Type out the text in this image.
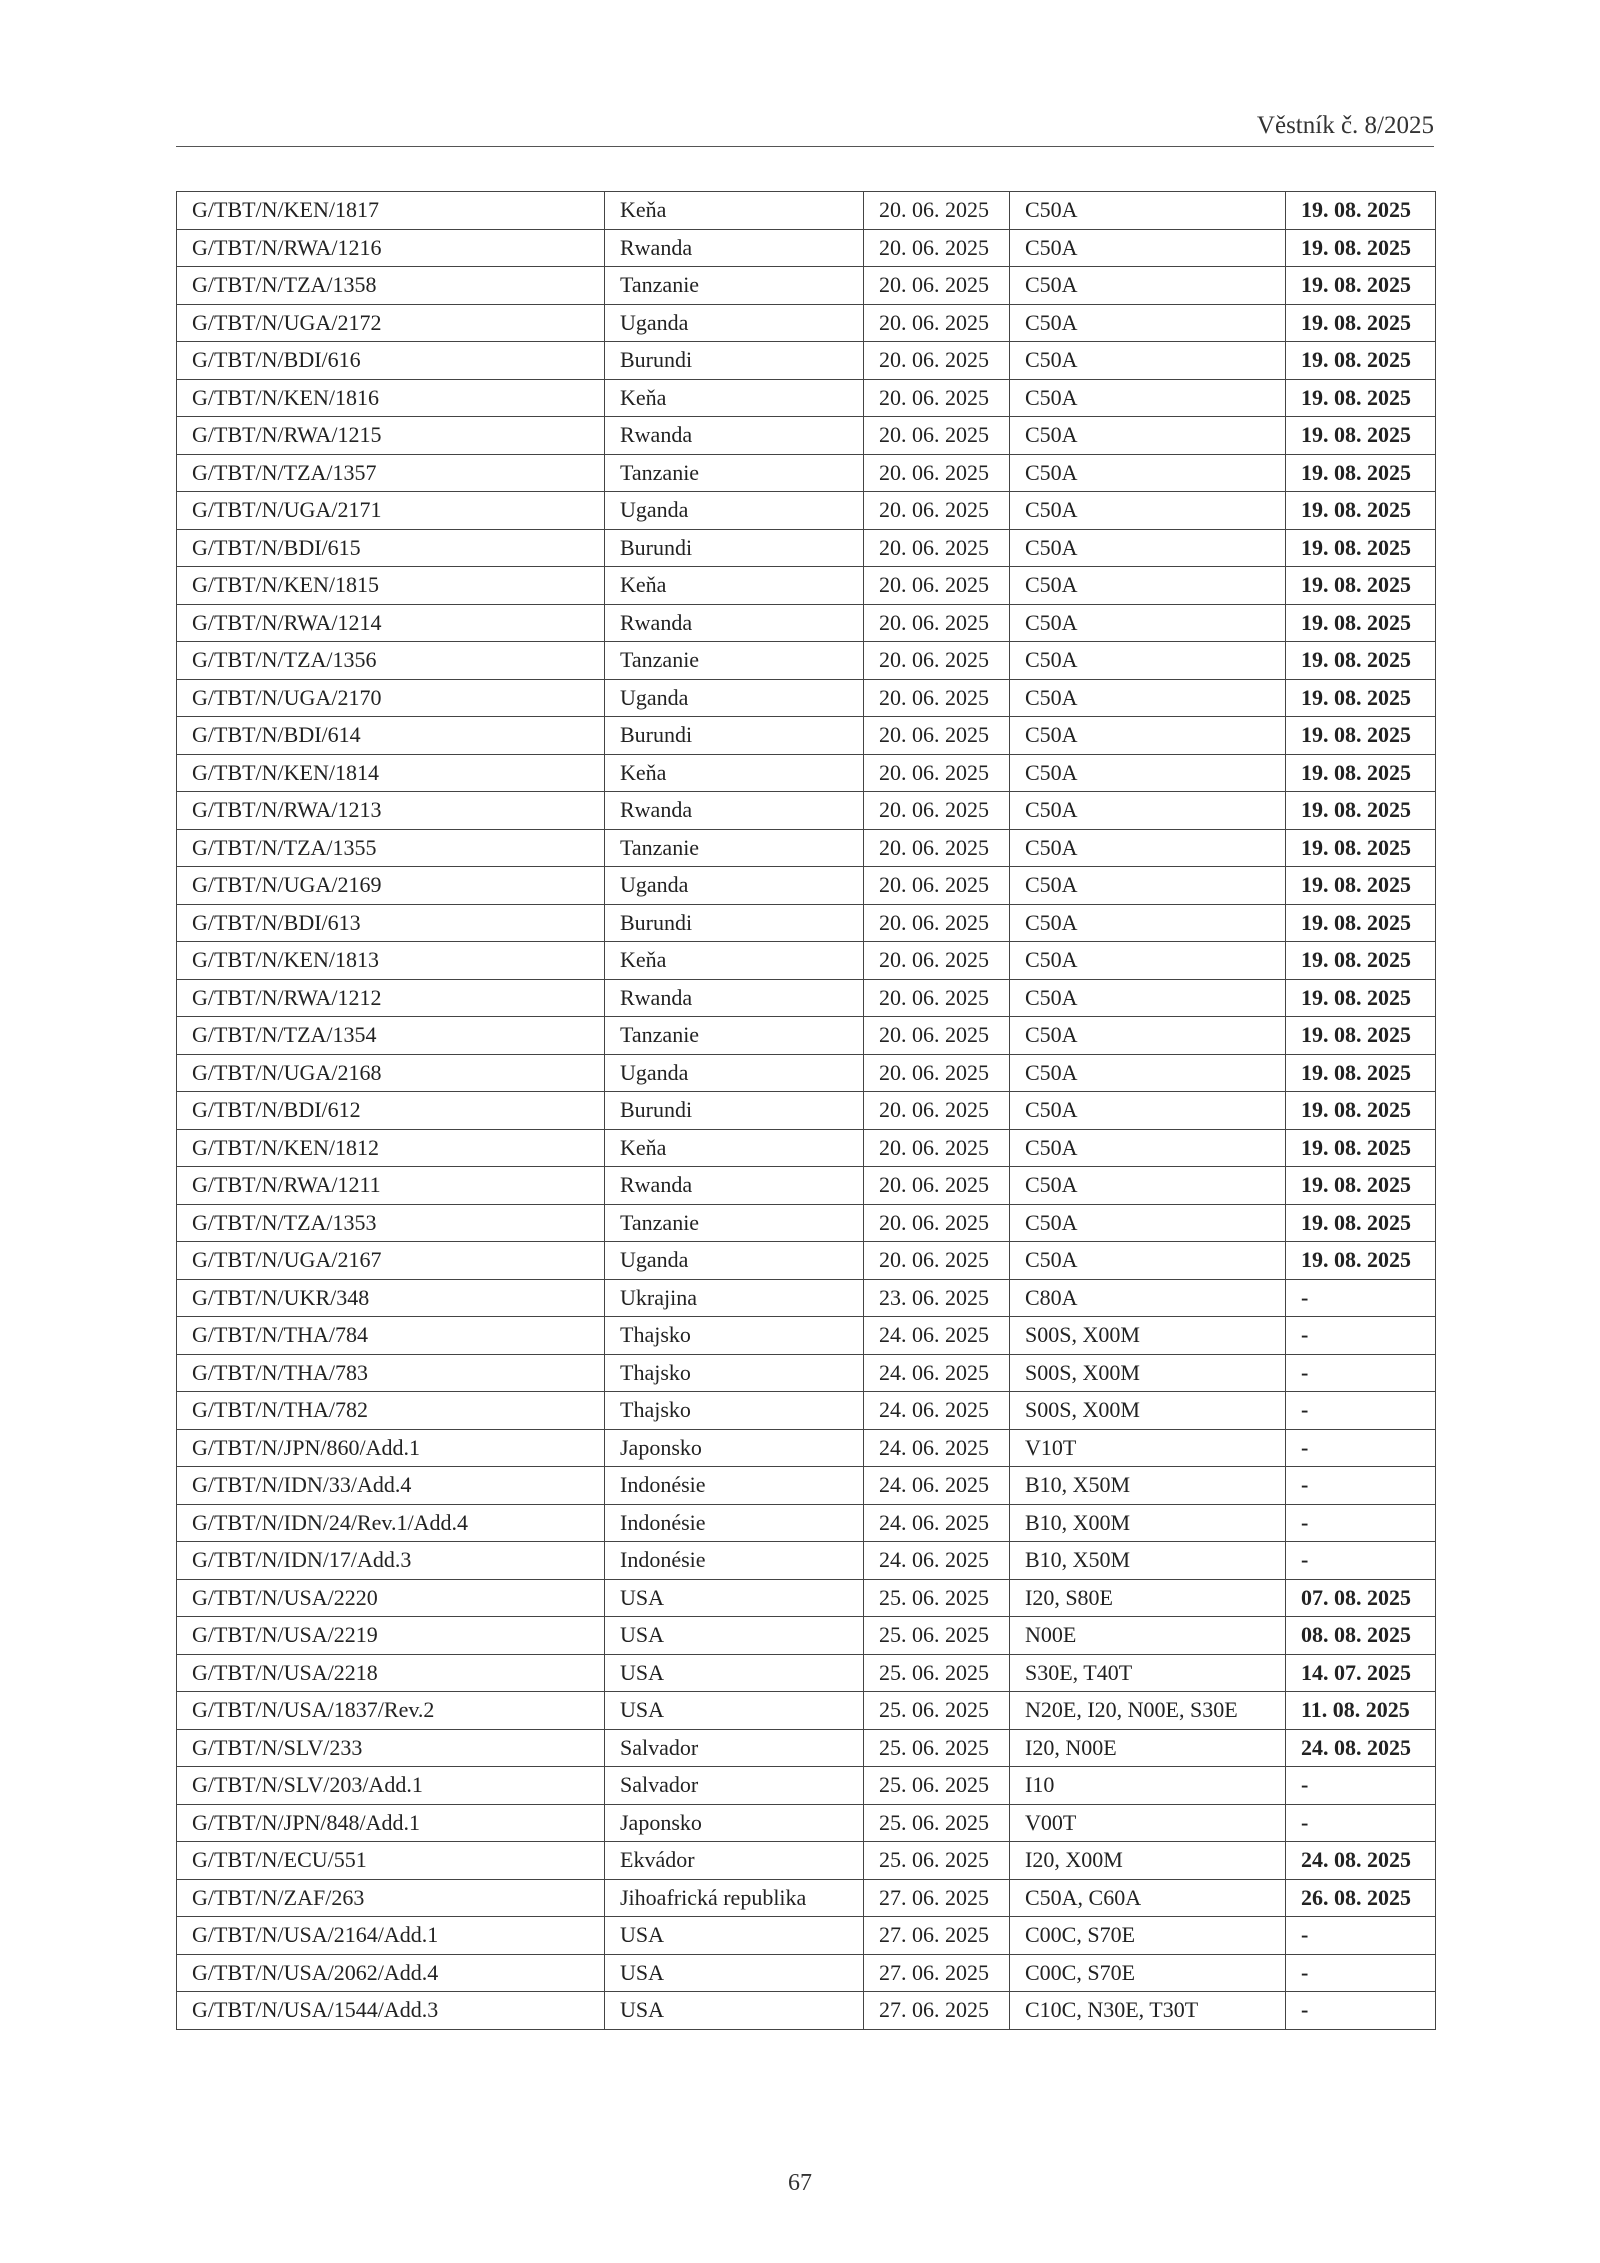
Věstník č. 8/2025
G/TBT/N/KEN/1817	Keňa	20. 06. 2025	C50A	19. 08. 2025
G/TBT/N/RWA/1216	Rwanda	20. 06. 2025	C50A	19. 08. 2025
G/TBT/N/TZA/1358	Tanzanie	20. 06. 2025	C50A	19. 08. 2025
G/TBT/N/UGA/2172	Uganda	20. 06. 2025	C50A	19. 08. 2025
G/TBT/N/BDI/616	Burundi	20. 06. 2025	C50A	19. 08. 2025
G/TBT/N/KEN/1816	Keňa	20. 06. 2025	C50A	19. 08. 2025
G/TBT/N/RWA/1215	Rwanda	20. 06. 2025	C50A	19. 08. 2025
G/TBT/N/TZA/1357	Tanzanie	20. 06. 2025	C50A	19. 08. 2025
G/TBT/N/UGA/2171	Uganda	20. 06. 2025	C50A	19. 08. 2025
G/TBT/N/BDI/615	Burundi	20. 06. 2025	C50A	19. 08. 2025
G/TBT/N/KEN/1815	Keňa	20. 06. 2025	C50A	19. 08. 2025
G/TBT/N/RWA/1214	Rwanda	20. 06. 2025	C50A	19. 08. 2025
G/TBT/N/TZA/1356	Tanzanie	20. 06. 2025	C50A	19. 08. 2025
G/TBT/N/UGA/2170	Uganda	20. 06. 2025	C50A	19. 08. 2025
G/TBT/N/BDI/614	Burundi	20. 06. 2025	C50A	19. 08. 2025
G/TBT/N/KEN/1814	Keňa	20. 06. 2025	C50A	19. 08. 2025
G/TBT/N/RWA/1213	Rwanda	20. 06. 2025	C50A	19. 08. 2025
G/TBT/N/TZA/1355	Tanzanie	20. 06. 2025	C50A	19. 08. 2025
G/TBT/N/UGA/2169	Uganda	20. 06. 2025	C50A	19. 08. 2025
G/TBT/N/BDI/613	Burundi	20. 06. 2025	C50A	19. 08. 2025
G/TBT/N/KEN/1813	Keňa	20. 06. 2025	C50A	19. 08. 2025
G/TBT/N/RWA/1212	Rwanda	20. 06. 2025	C50A	19. 08. 2025
G/TBT/N/TZA/1354	Tanzanie	20. 06. 2025	C50A	19. 08. 2025
G/TBT/N/UGA/2168	Uganda	20. 06. 2025	C50A	19. 08. 2025
G/TBT/N/BDI/612	Burundi	20. 06. 2025	C50A	19. 08. 2025
G/TBT/N/KEN/1812	Keňa	20. 06. 2025	C50A	19. 08. 2025
G/TBT/N/RWA/1211	Rwanda	20. 06. 2025	C50A	19. 08. 2025
G/TBT/N/TZA/1353	Tanzanie	20. 06. 2025	C50A	19. 08. 2025
G/TBT/N/UGA/2167	Uganda	20. 06. 2025	C50A	19. 08. 2025
G/TBT/N/UKR/348	Ukrajina	23. 06. 2025	C80A	-
G/TBT/N/THA/784	Thajsko	24. 06. 2025	S00S, X00M	-
G/TBT/N/THA/783	Thajsko	24. 06. 2025	S00S, X00M	-
G/TBT/N/THA/782	Thajsko	24. 06. 2025	S00S, X00M	-
G/TBT/N/JPN/860/Add.1	Japonsko	24. 06. 2025	V10T	-
G/TBT/N/IDN/33/Add.4	Indonésie	24. 06. 2025	B10, X50M	-
G/TBT/N/IDN/24/Rev.1/Add.4	Indonésie	24. 06. 2025	B10, X00M	-
G/TBT/N/IDN/17/Add.3	Indonésie	24. 06. 2025	B10, X50M	-
G/TBT/N/USA/2220	USA	25. 06. 2025	I20, S80E	07. 08. 2025
G/TBT/N/USA/2219	USA	25. 06. 2025	N00E	08. 08. 2025
G/TBT/N/USA/2218	USA	25. 06. 2025	S30E, T40T	14. 07. 2025
G/TBT/N/USA/1837/Rev.2	USA	25. 06. 2025	N20E, I20, N00E, S30E	11. 08. 2025
G/TBT/N/SLV/233	Salvador	25. 06. 2025	I20, N00E	24. 08. 2025
G/TBT/N/SLV/203/Add.1	Salvador	25. 06. 2025	I10	-
G/TBT/N/JPN/848/Add.1	Japonsko	25. 06. 2025	V00T	-
G/TBT/N/ECU/551	Ekvádor	25. 06. 2025	I20, X00M	24. 08. 2025
G/TBT/N/ZAF/263	Jihoafrická republika	27. 06. 2025	C50A, C60A	26. 08. 2025
G/TBT/N/USA/2164/Add.1	USA	27. 06. 2025	C00C, S70E	-
G/TBT/N/USA/2062/Add.4	USA	27. 06. 2025	C00C, S70E	-
G/TBT/N/USA/1544/Add.3	USA	27. 06. 2025	C10C, N30E, T30T	-
67
